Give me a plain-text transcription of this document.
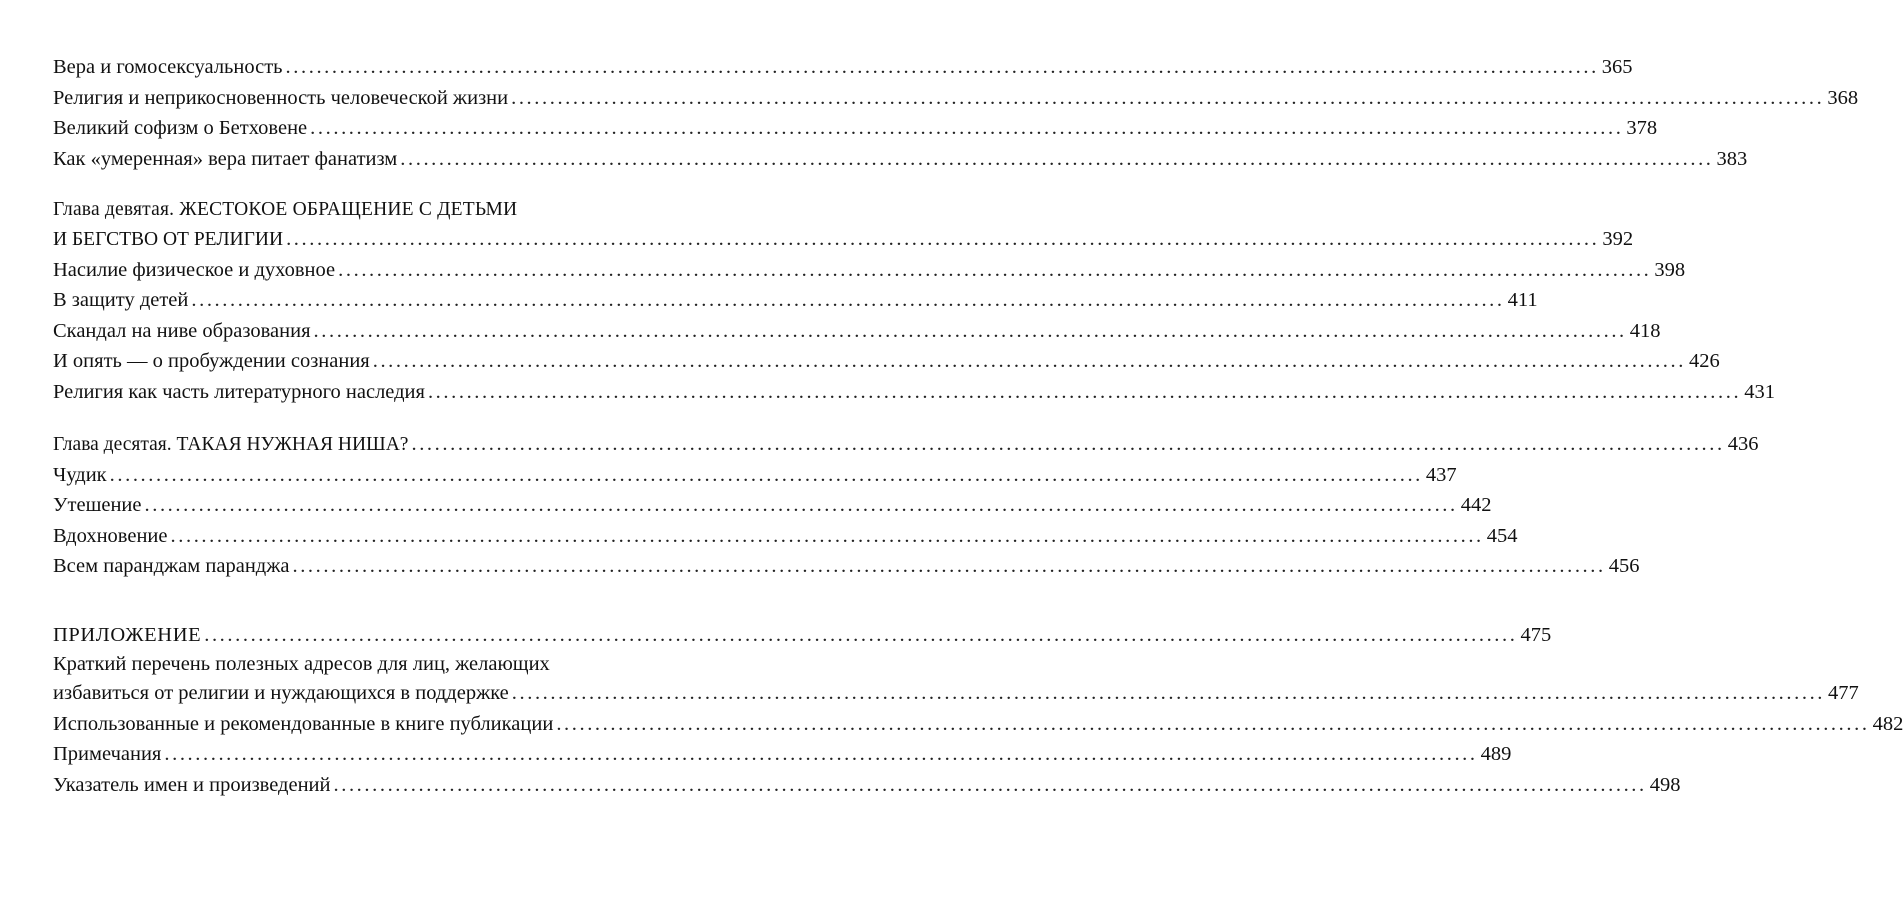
Вера и гомосексуальность .....	365
Религия и неприкосновенность человеческой жизни .....	368
Великий софизм о Бетховене .....	378
Как «умеренная» вера питает фанатизм .....	383
Глава девятая. ЖЕСТОКОЕ ОБРАЩЕНИЕ С ДЕТЬМИ
И БЕГСТВО ОТ РЕЛИГИИ .....	392
Насилие физическое и духовное .....	398
В защиту детей .....	411
Скандал на ниве образования .....	418
И опять — о пробуждении сознания .....	426
Религия как часть литературного наследия .....	431
Глава десятая. ТАКАЯ НУЖНАЯ НИША? .....	436
Чудик .....	437
Утешение .....	442
Вдохновение .....	454
Всем паранджам паранджа .....	456
ПРИЛОЖЕНИЕ .....	475
Краткий перечень полезных адресов для лиц, желающих
избавиться от религии и нуждающихся в поддержке .....	477
Использованные и рекомендованные в книге публикации .....	482
Примечания .....	489
Указатель имен и произведений .....	498
